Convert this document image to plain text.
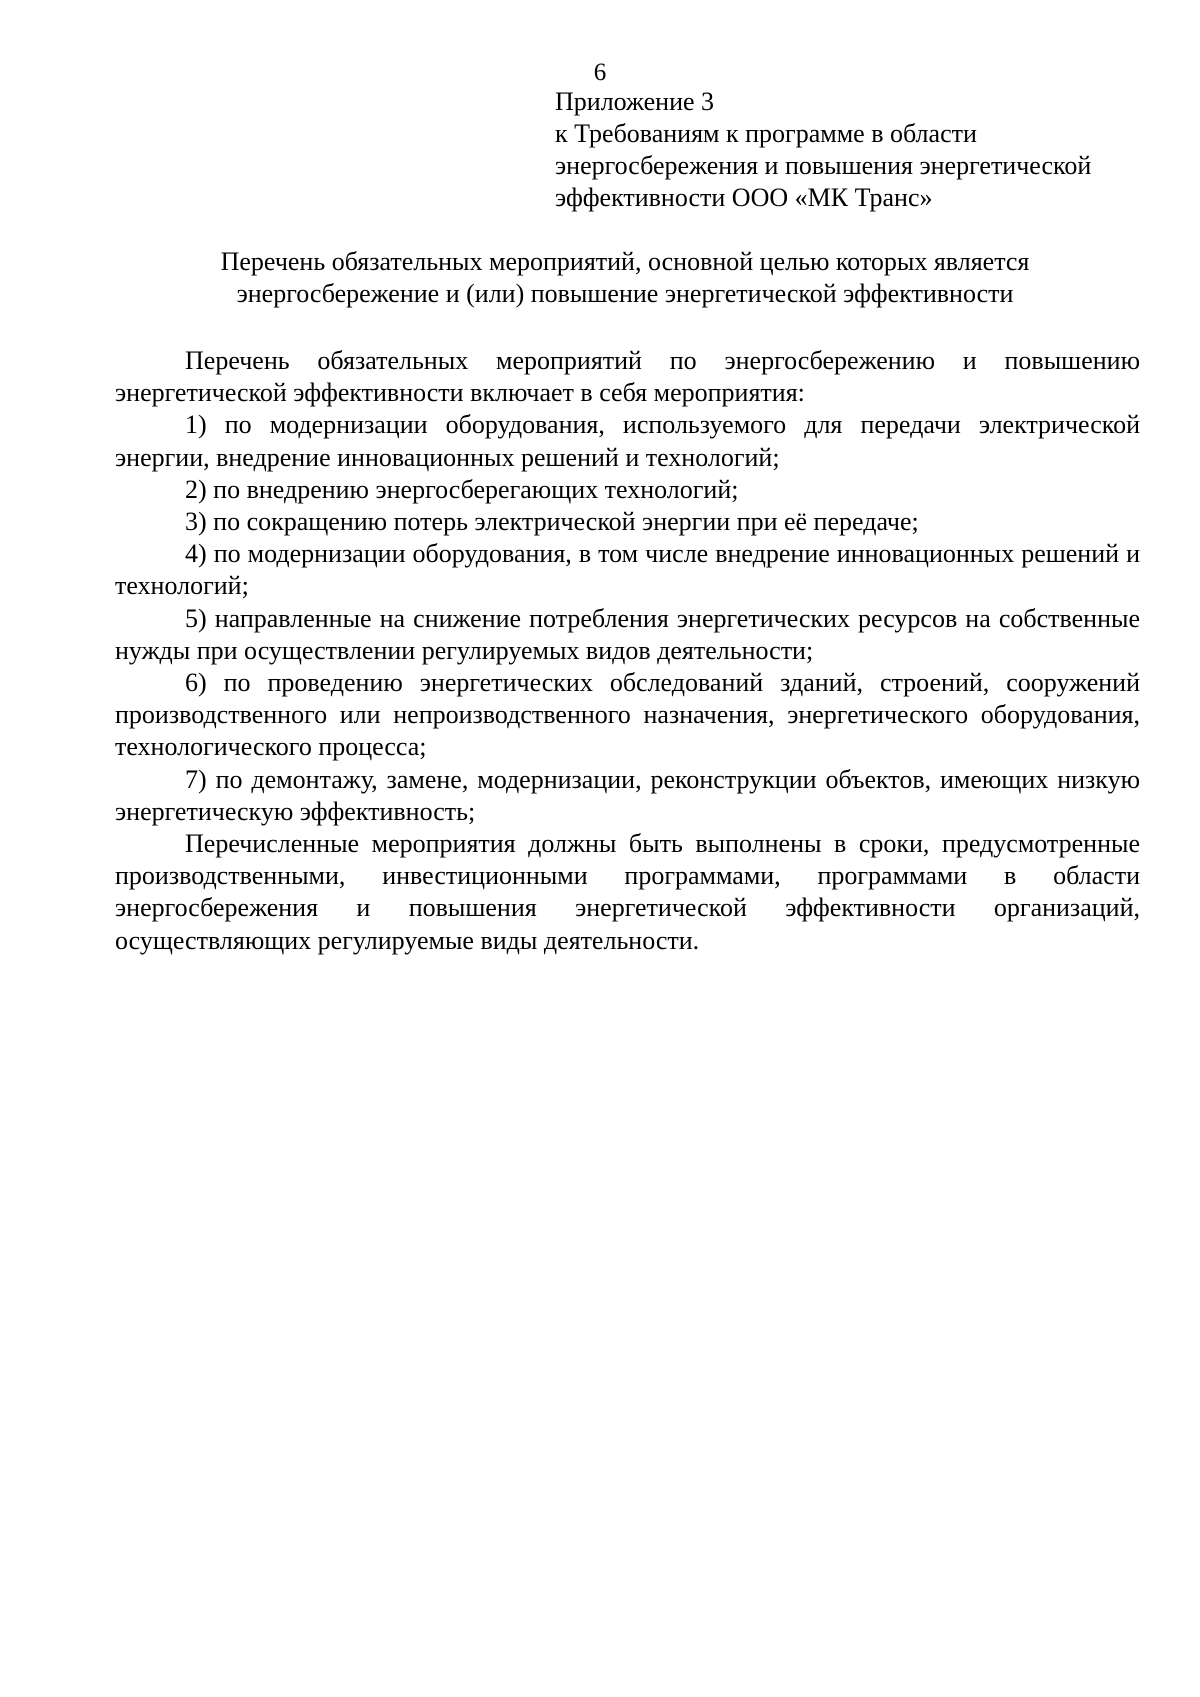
6
Приложение 3
к Требованиям к программе в области
энергосбережения и повышения энергетической
эффективности ООО «МК Транс»
Перечень обязательных мероприятий, основной целью которых является
энергосбережение и (или) повышение энергетической эффективности

Перечень обязательных мероприятий по энергосбережению и повышению энергетической эффективности включает в себя мероприятия:

1) по модернизации оборудования, используемого для передачи электрической энергии, внедрение инновационных решений и технологий;

2) по внедрению энергосберегающих технологий;

3) по сокращению потерь электрической энергии при её передаче;

4) по модернизации оборудования, в том числе внедрение инновационных решений и технологий;

5) направленные на снижение потребления энергетических ресурсов на собственные нужды при осуществлении регулируемых видов деятельности;

6) по проведению энергетических обследований зданий, строений, сооружений производственного или непроизводственного назначения, энергетического оборудования, технологического процесса;

7) по демонтажу, замене, модернизации, реконструкции объектов, имеющих низкую энергетическую эффективность;

Перечисленные мероприятия должны быть выполнены в сроки, предусмотренные производственными, инвестиционными программами, программами в области энергосбережения и повышения энергетической эффективности организаций, осуществляющих регулируемые виды деятельности.
